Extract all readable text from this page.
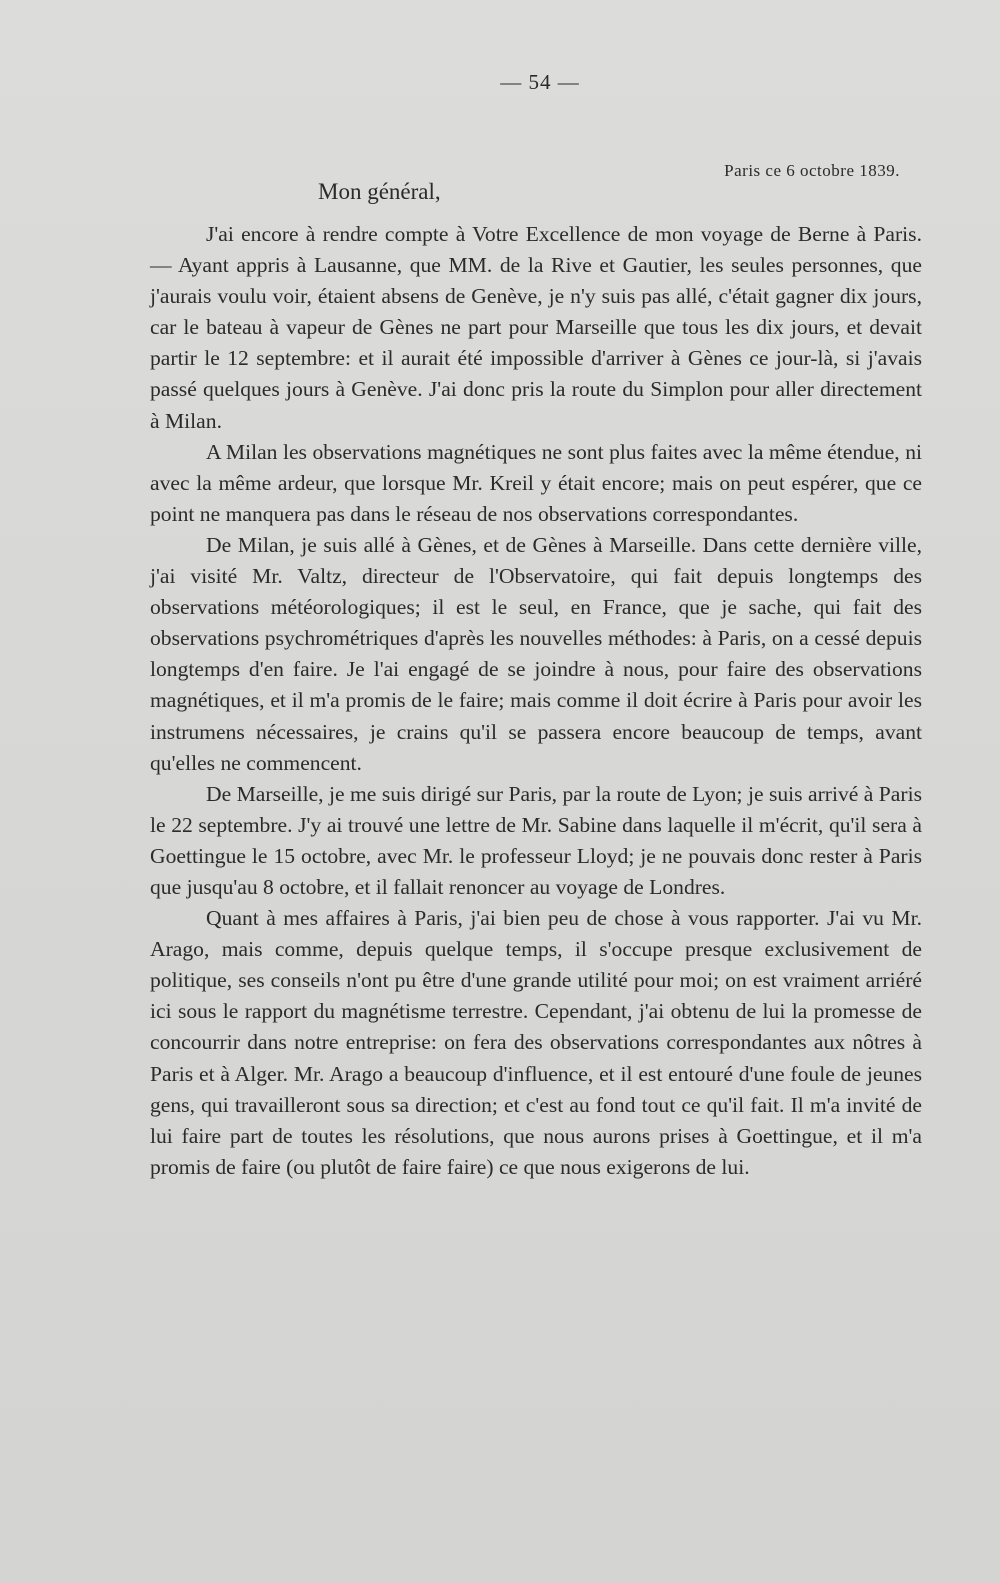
— 54 —
Paris ce 6 octobre 1839.
Mon général,

J'ai encore à rendre compte à Votre Excellence de mon voyage de Berne à Paris. — Ayant appris à Lausanne, que MM. de la Rive et Gautier, les seules personnes, que j'aurais voulu voir, étaient absens de Genève, je n'y suis pas allé, c'était gagner dix jours, car le bateau à vapeur de Gènes ne part pour Marseille que tous les dix jours, et devait partir le 12 septembre: et il aurait été impossible d'arriver à Gènes ce jour-là, si j'avais passé quelques jours à Genève. J'ai donc pris la route du Simplon pour aller directement à Milan.

A Milan les observations magnétiques ne sont plus faites avec la même étendue, ni avec la même ardeur, que lorsque Mr. Kreil y était encore; mais on peut espérer, que ce point ne manquera pas dans le réseau de nos observations correspondantes.

De Milan, je suis allé à Gènes, et de Gènes à Marseille. Dans cette dernière ville, j'ai visité Mr. Valtz, directeur de l'Observatoire, qui fait depuis longtemps des observations météorologiques; il est le seul, en France, que je sache, qui fait des observations psychrométriques d'après les nouvelles méthodes: à Paris, on a cessé depuis longtemps d'en faire. Je l'ai engagé de se joindre à nous, pour faire des observations magnétiques, et il m'a promis de le faire; mais comme il doit écrire à Paris pour avoir les instrumens nécessaires, je crains qu'il se passera encore beaucoup de temps, avant qu'elles ne commencent.

De Marseille, je me suis dirigé sur Paris, par la route de Lyon; je suis arrivé à Paris le 22 septembre. J'y ai trouvé une lettre de Mr. Sabine dans laquelle il m'écrit, qu'il sera à Goettingue le 15 octobre, avec Mr. le professeur Lloyd; je ne pouvais donc rester à Paris que jusqu'au 8 octobre, et il fallait renoncer au voyage de Londres.

Quant à mes affaires à Paris, j'ai bien peu de chose à vous rapporter. J'ai vu Mr. Arago, mais comme, depuis quelque temps, il s'occupe presque exclusivement de politique, ses conseils n'ont pu être d'une grande utilité pour moi; on est vraiment arriéré ici sous le rapport du magnétisme terrestre. Cependant, j'ai obtenu de lui la promesse de concourrir dans notre entreprise: on fera des observations correspondantes aux nôtres à Paris et à Alger. Mr. Arago a beaucoup d'influence, et il est entouré d'une foule de jeunes gens, qui travailleront sous sa direction; et c'est au fond tout ce qu'il fait. Il m'a invité de lui faire part de toutes les résolutions, que nous aurons prises à Goettingue, et il m'a promis de faire (ou plutôt de faire faire) ce que nous exigerons de lui.
